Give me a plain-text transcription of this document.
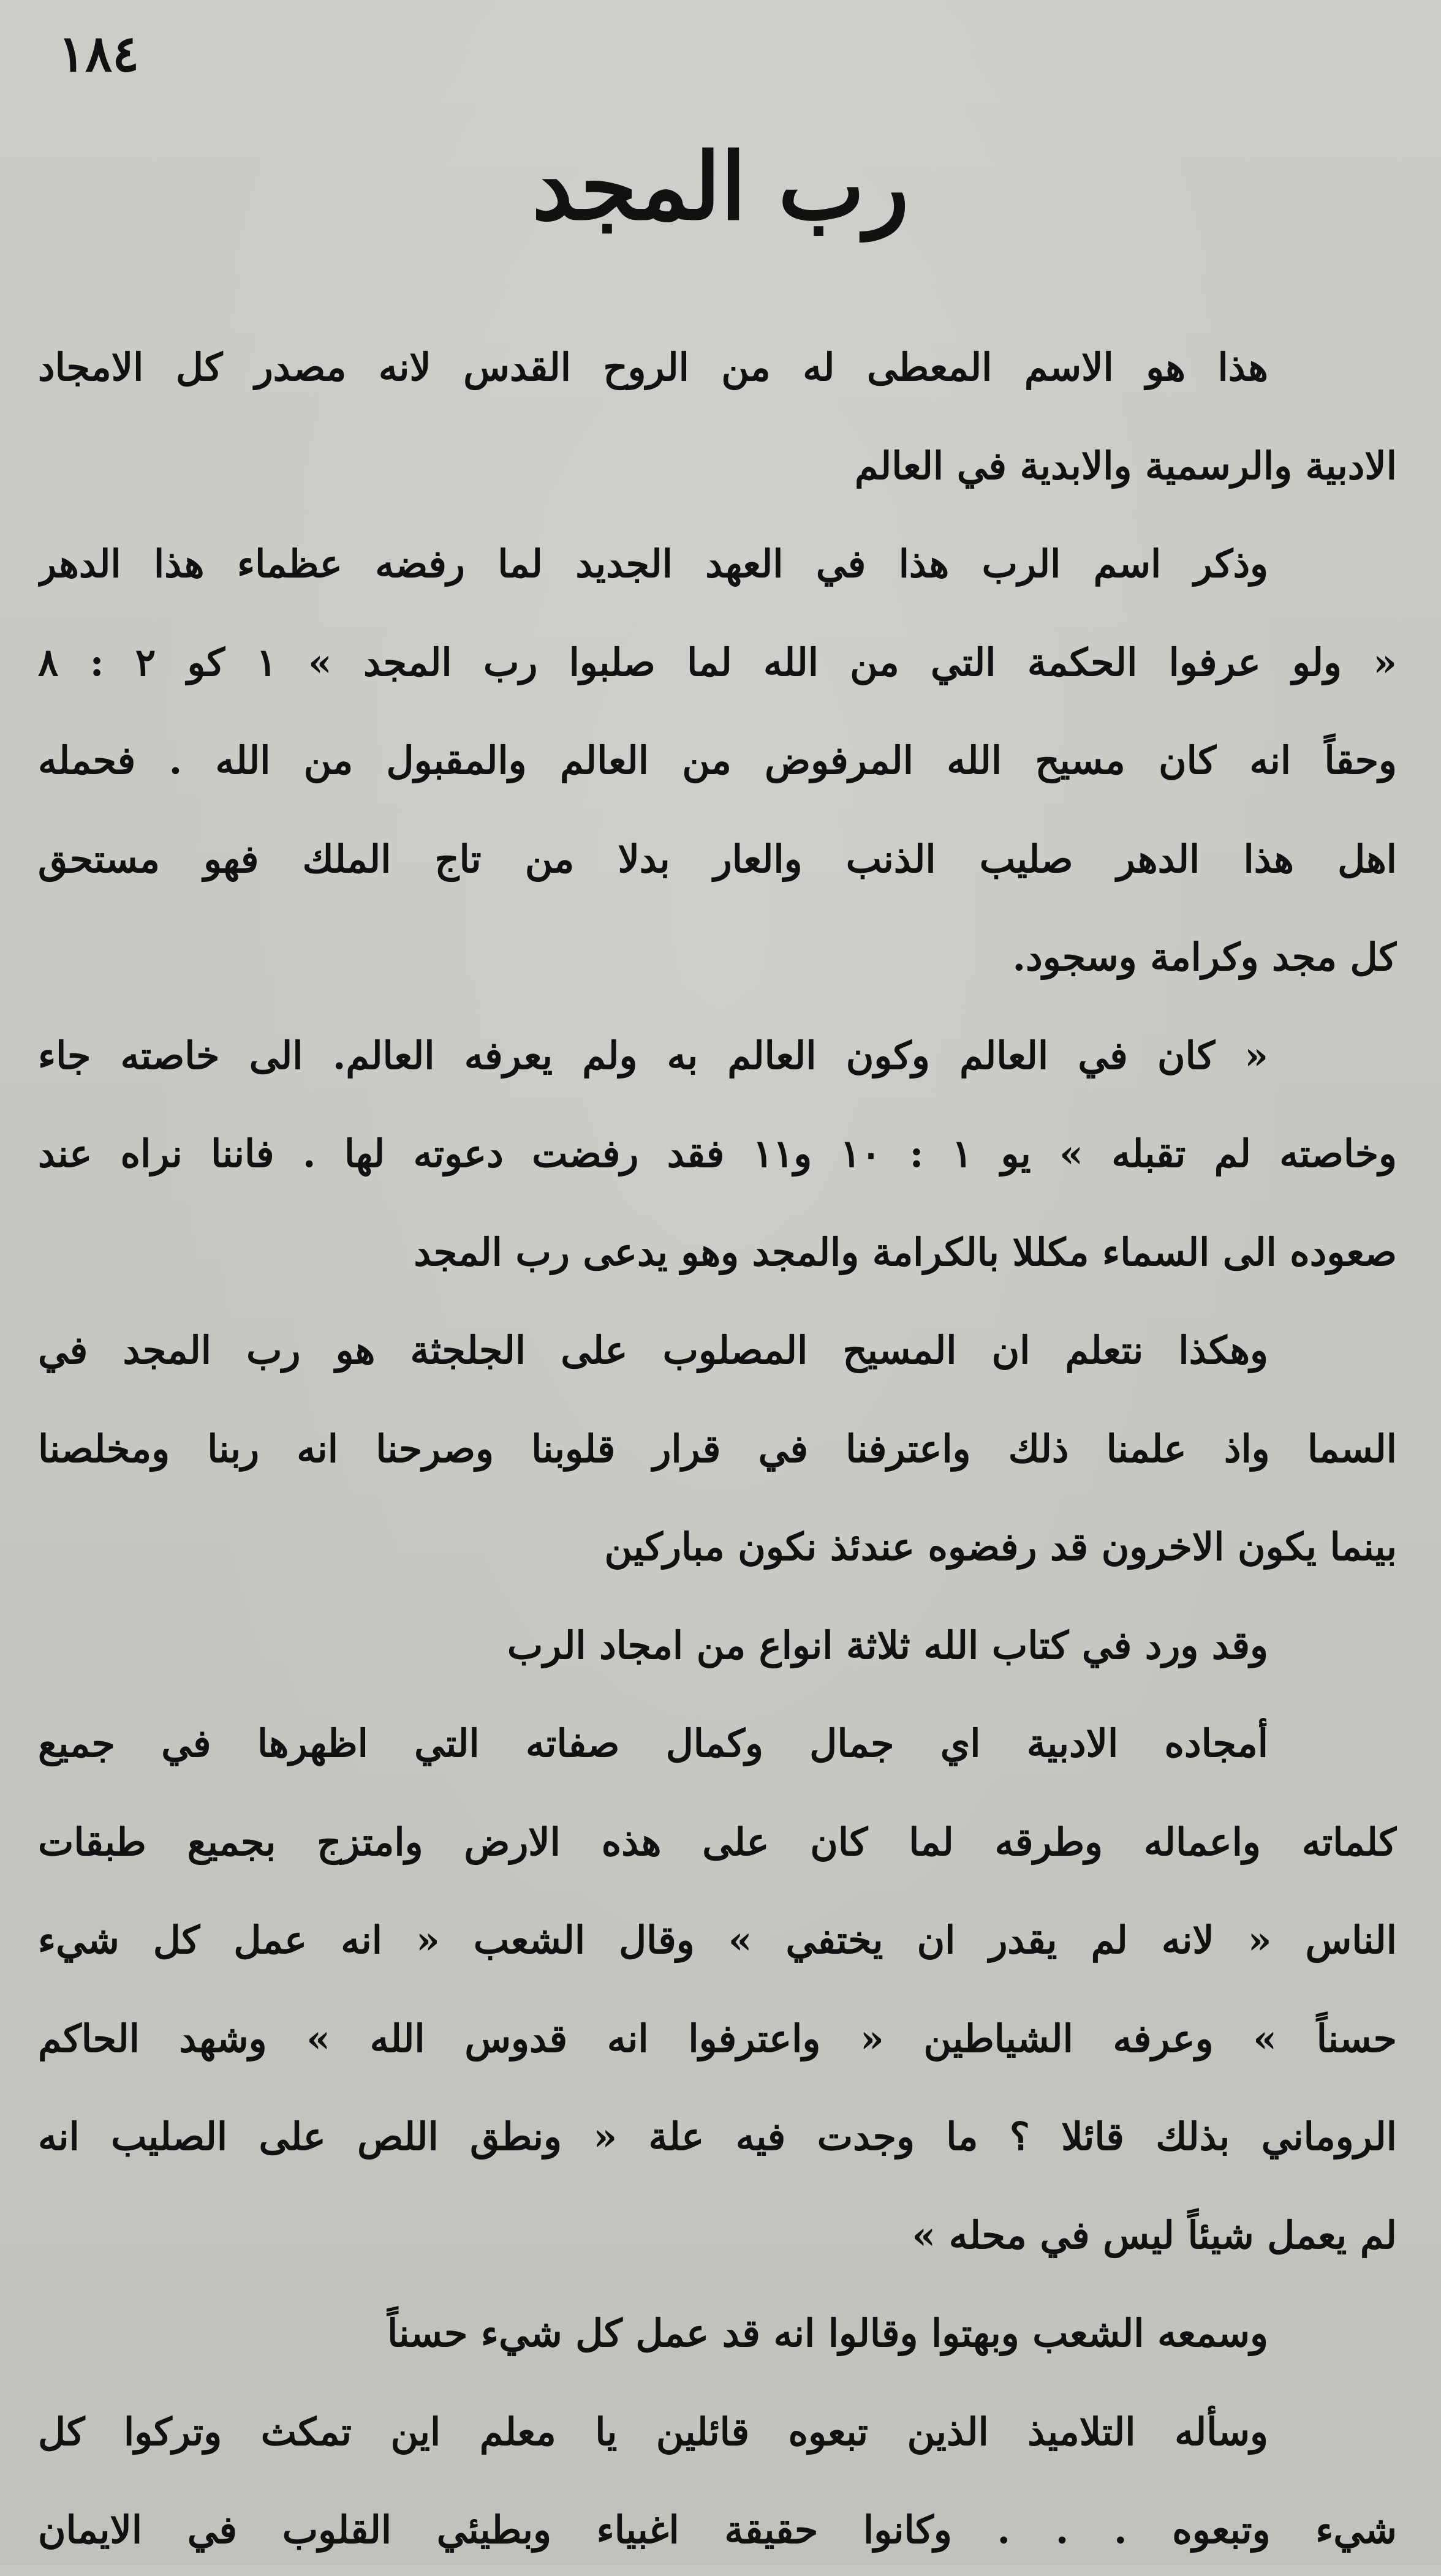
١٨٤
رب المجد
هذا هو الاسم المعطى له من الروح القدس لانه مصدر كل الامجاد
الادبية والرسمية والابدية في العالم
وذكر اسم الرب هذا في العهد الجديد لما رفضه عظماء هذا الدهر
« ولو عرفوا الحكمة التي من الله لما صلبوا رب المجد » ١ كو ٢ : ٨
وحقاً انه كان مسيح الله المرفوض من العالم والمقبول من الله . فحمله
اهل هذا الدهر صليب الذنب والعار بدلا من تاج الملك فهو مستحق
كل مجد وكرامة وسجود.
« كان في العالم وكون العالم به ولم يعرفه العالم. الى خاصته جاء
وخاصته لم تقبله » يو ١ : ١٠ و١١ فقد رفضت دعوته لها . فاننا نراه عند
صعوده الى السماء مكللا بالكرامة والمجد وهو يدعى رب المجد
وهكذا نتعلم ان المسيح المصلوب على الجلجثة هو رب المجد في
السما واذ علمنا ذلك واعترفنا في قرار قلوبنا وصرحنا انه ربنا ومخلصنا
بينما يكون الاخرون قد رفضوه عندئذ نكون مباركين
وقد ورد في كتاب الله ثلاثة انواع من امجاد الرب
أمجاده الادبية اي جمال وكمال صفاته التي اظهرها في جميع
كلماته واعماله وطرقه لما كان على هذه الارض وامتزج بجميع طبقات
الناس « لانه لم يقدر ان يختفي » وقال الشعب « انه عمل كل شيء
حسناً » وعرفه الشياطين « واعترفوا انه قدوس الله » وشهد الحاكم
الروماني بذلك قائلا ؟ ما وجدت فيه علة « ونطق اللص على الصليب انه
لم يعمل شيئاً ليس في محله »
وسمعه الشعب وبهتوا وقالوا انه قد عمل كل شيء حسناً
وسأله التلاميذ الذين تبعوه قائلين يا معلم اين تمكث وتركوا كل
شيء وتبعوه . . . وكانوا حقيقة اغبياء وبطيئي القلوب في الايمان
